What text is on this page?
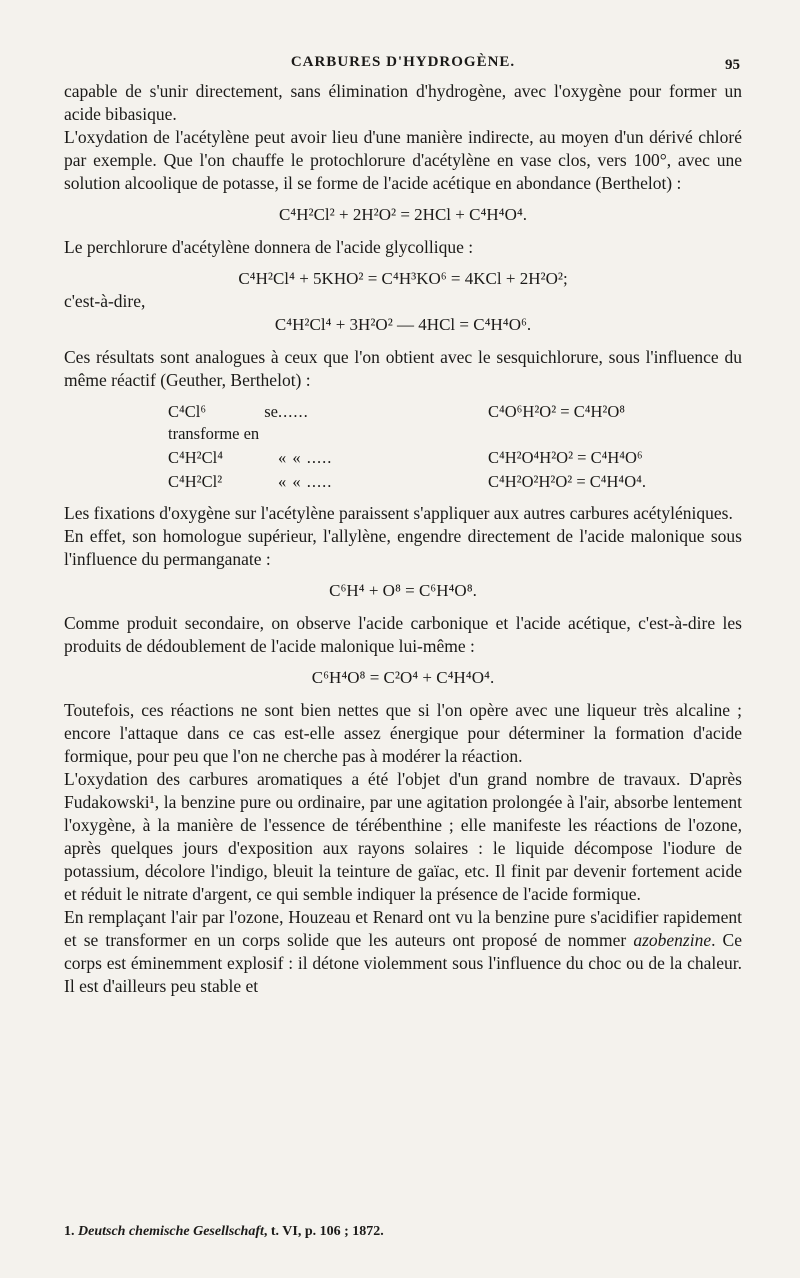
CARBURES D'HYDROGÈNE.	95

capable de s'unir directement, sans élimination d'hydrogène, avec l'oxygène pour former un acide bibasique.

L'oxydation de l'acétylène peut avoir lieu d'une manière indirecte, au moyen d'un dérivé chloré par exemple. Que l'on chauffe le protochlorure d'acétylène en vase clos, vers 100°, avec une solution alcoolique de potasse, il se forme de l'acide acétique en abondance (Berthelot) :

C⁴H²Cl² + 2H²O² = 2HCl + C⁴H⁴O⁴.

Le perchlorure d'acétylène donnera de l'acide glycollique :

C⁴H²Cl⁴ + 5KHO² = C⁴H³KO⁶ = 4KCl + 2H²O²;

c'est-à-dire,

C⁴H²Cl⁴ + 3H²O² — 4HCl = C⁴H⁴O⁶.

Ces résultats sont analogues à ceux que l'on obtient avec le sesquichlorure, sous l'influence du même réactif (Geuther, Berthelot) :

C⁴Cl⁶ se transforme en	......	C⁴O⁶H²O² = C⁴H²O⁸
C⁴H²Cl⁴	« « .....	C⁴H²O⁴H²O² = C⁴H⁴O⁶
C⁴H²Cl²	« « .....	C⁴H²O²H²O² = C⁴H⁴O⁴.

Les fixations d'oxygène sur l'acétylène paraissent s'appliquer aux autres carbures acétyléniques.

En effet, son homologue supérieur, l'allylène, engendre directement de l'acide malonique sous l'influence du permanganate :

C⁶H⁴ + O⁸ = C⁶H⁴O⁸.

Comme produit secondaire, on observe l'acide carbonique et l'acide acétique, c'est-à-dire les produits de dédoublement de l'acide malonique lui-même :

C⁶H⁴O⁸ = C²O⁴ + C⁴H⁴O⁴.

Toutefois, ces réactions ne sont bien nettes que si l'on opère avec une liqueur très alcaline ; encore l'attaque dans ce cas est-elle assez énergique pour déterminer la formation d'acide formique, pour peu que l'on ne cherche pas à modérer la réaction.

L'oxydation des carbures aromatiques a été l'objet d'un grand nombre de travaux. D'après Fudakowski¹, la benzine pure ou ordinaire, par une agitation prolongée à l'air, absorbe lentement l'oxygène, à la manière de l'essence de térébenthine ; elle manifeste les réactions de l'ozone, après quelques jours d'exposition aux rayons solaires : le liquide décompose l'iodure de potassium, décolore l'indigo, bleuit la teinture de gaïac, etc. Il finit par devenir fortement acide et réduit le nitrate d'argent, ce qui semble indiquer la présence de l'acide formique.

En remplaçant l'air par l'ozone, Houzeau et Renard ont vu la benzine pure s'acidifier rapidement et se transformer en un corps solide que les auteurs ont proposé de nommer azobenzine. Ce corps est éminemment explosif : il détone violemment sous l'influence du choc ou de la chaleur. Il est d'ailleurs peu stable et

1. Deutsch chemische Gesellschaft, t. VI, p. 106 ; 1872.
